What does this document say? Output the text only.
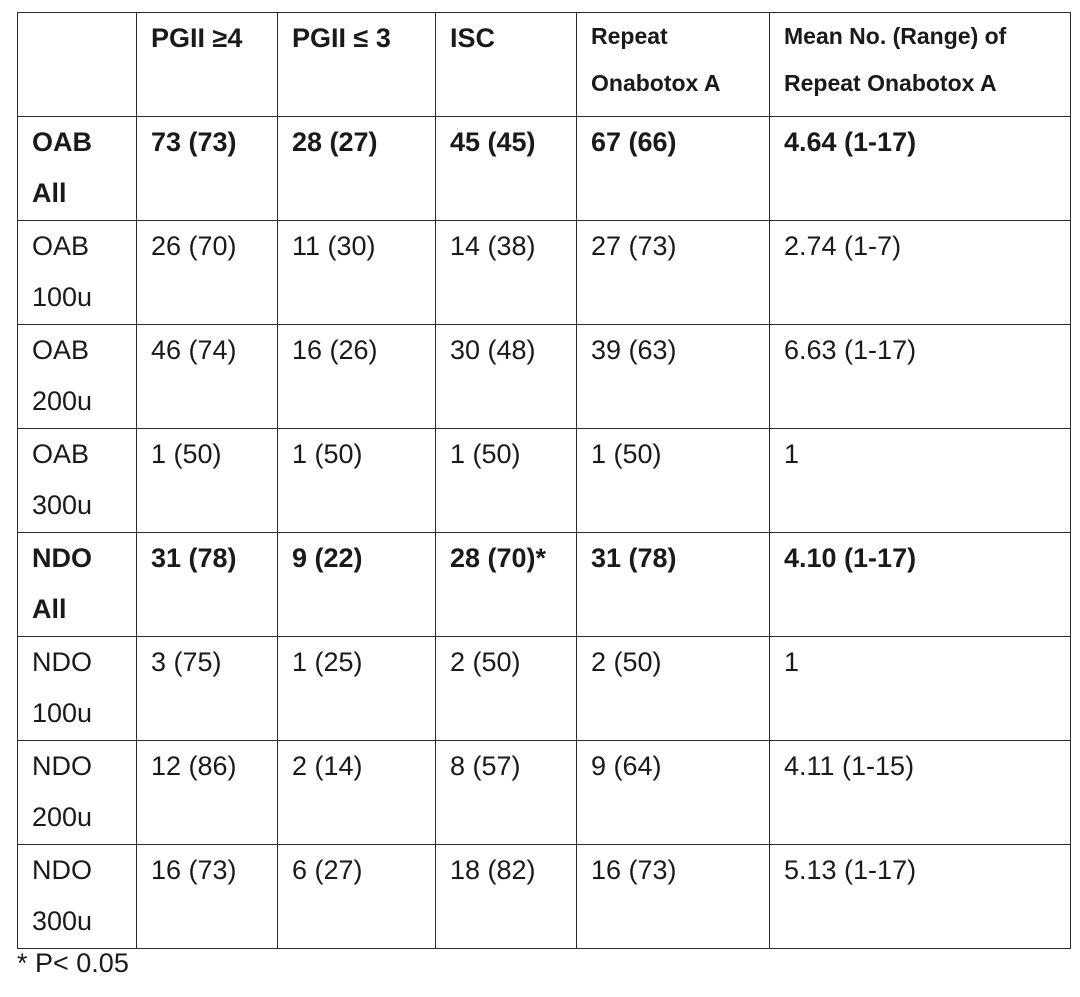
	PGII ≥4	PGII ≤ 3	ISC	Repeat Onabotox A	Mean No. (Range) of Repeat Onabotox A

OAB
All	73 (73)	28 (27)	45 (45)	67 (66)	4.64 (1-17)

OAB
100u	26 (70)	11 (30)	14 (38)	27 (73)	2.74 (1-7)

OAB
200u	46 (74)	16 (26)	30 (48)	39 (63)	6.63 (1-17)

OAB
300u	1 (50)	1 (50)	1 (50)	1 (50)	1

NDO
All	31 (78)	9 (22)	28 (70)*	31 (78)	4.10 (1-17)

NDO
100u	3 (75)	1 (25)	2 (50)	2 (50)	1

NDO
200u	12 (86)	2 (14)	8 (57)	9 (64)	4.11 (1-15)

NDO
300u	16 (73)	6 (27)	18 (82)	16 (73)	5.13 (1-17)
* P< 0.05
